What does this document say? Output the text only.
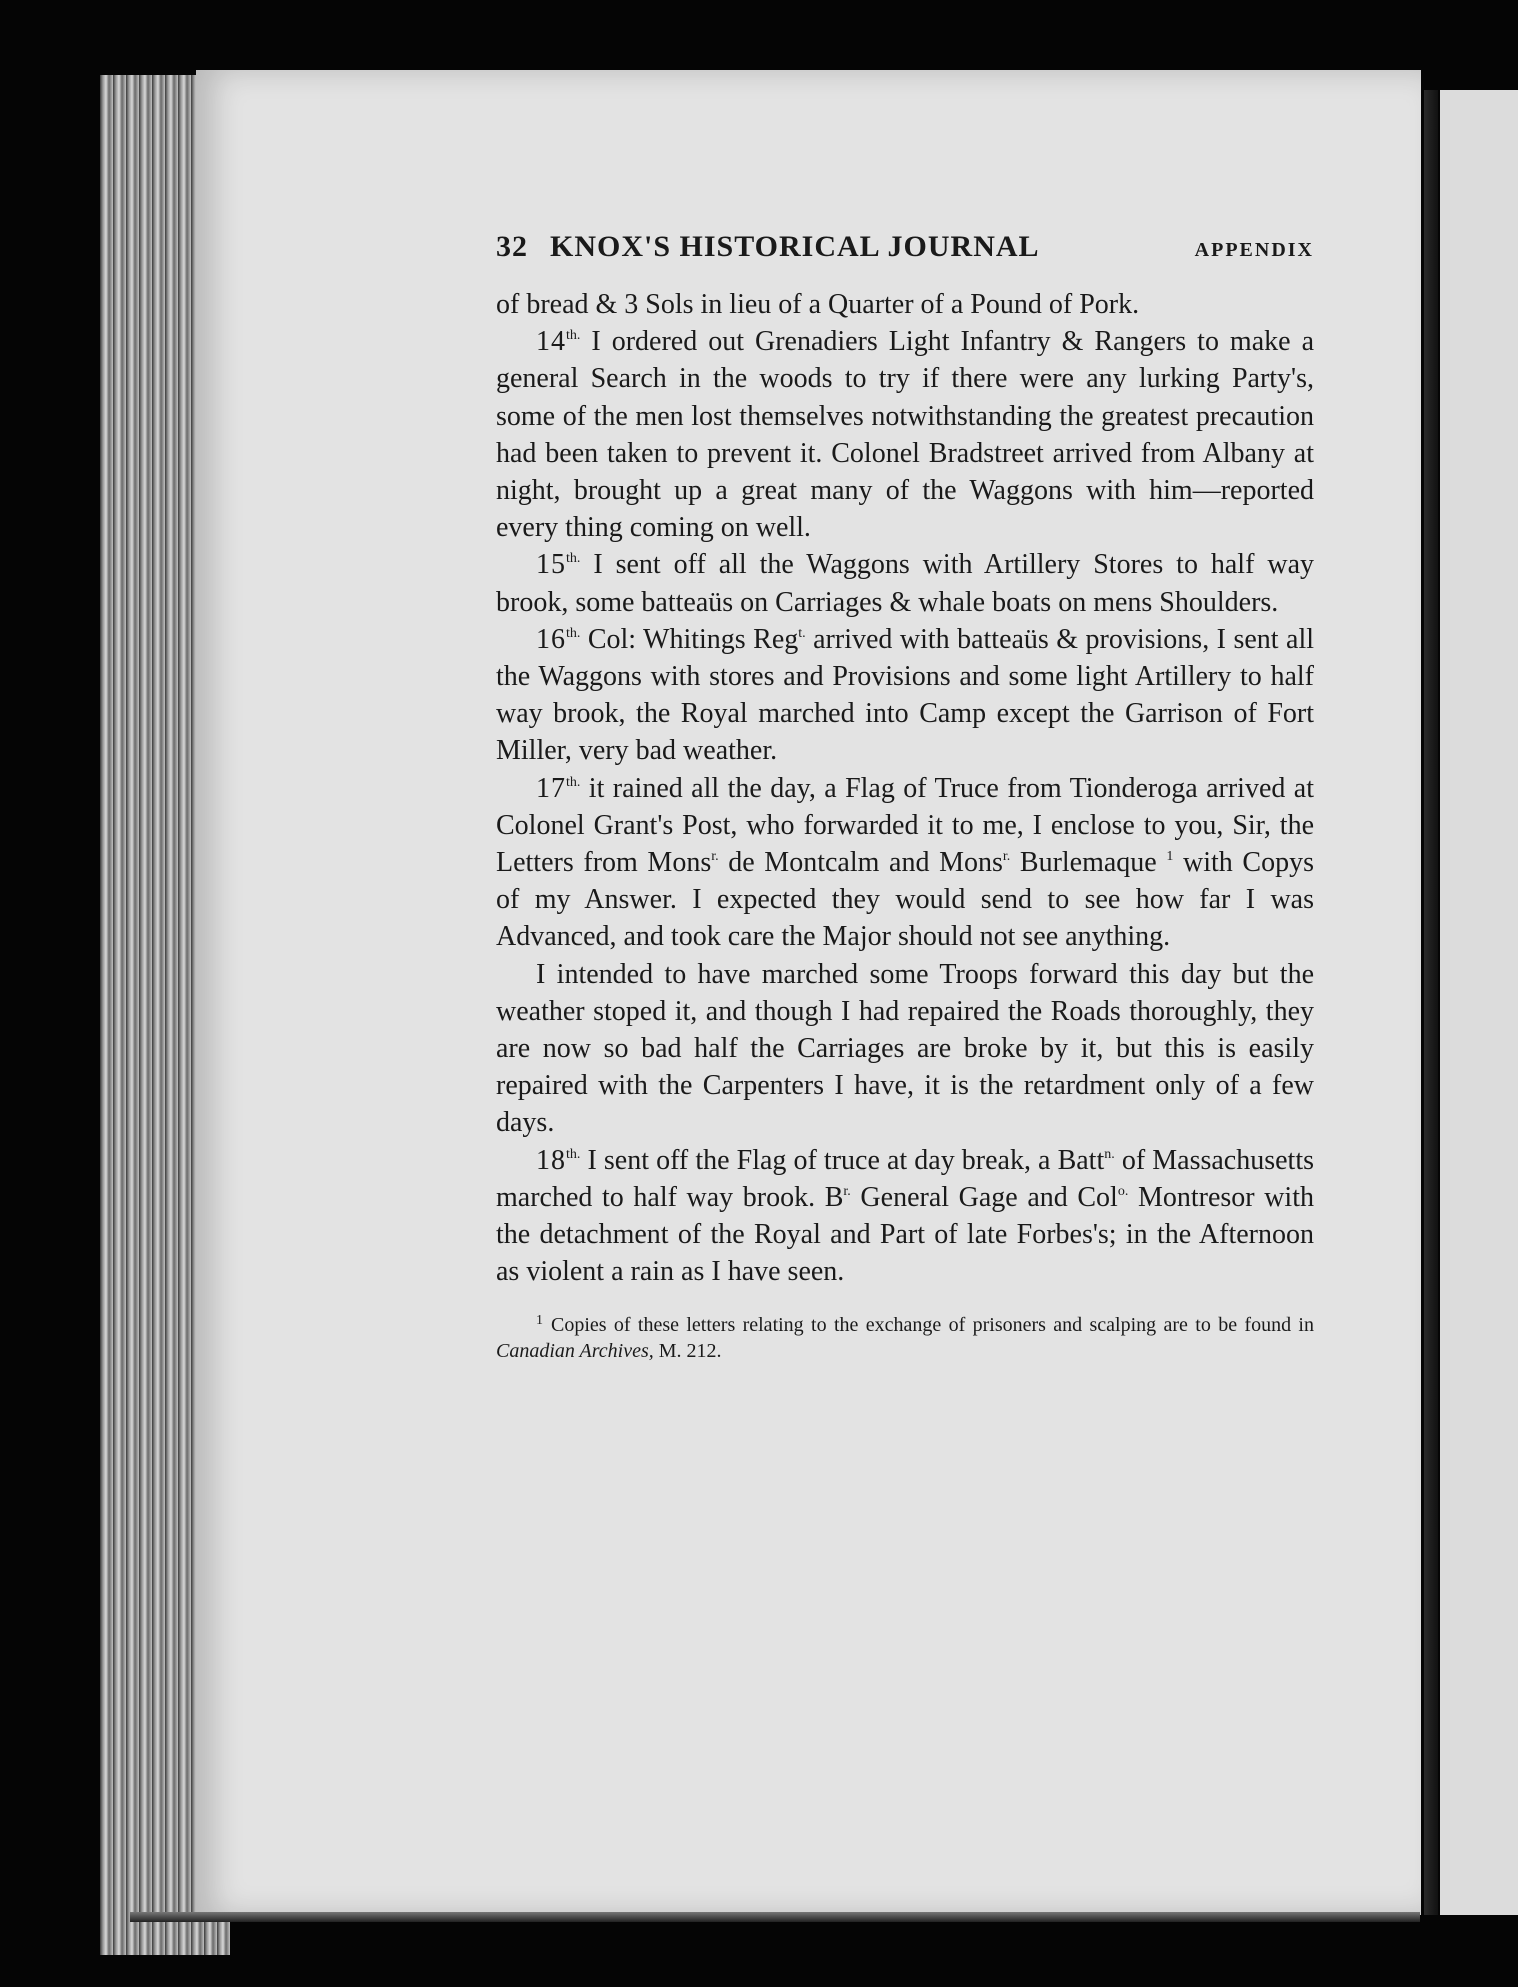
32 KNOX'S HISTORICAL JOURNAL	APPENDIX

of bread & 3 Sols in lieu of a Quarter of a Pound of Pork.

$14^{th.}$ I ordered out Grenadiers Light Infantry & Rangers to make a general Search in the woods to try if there were any lurking Party's, some of the men lost themselves notwithstanding the greatest precaution had been taken to prevent it. Colonel Bradstreet arrived from Albany at night, brought up a great many of the Waggons with him—reported every thing coming on well.

$15^{th.}$ I sent off all the Waggons with Artillery Stores to half way brook, some batteaüs on Carriages & whale boats on mens Shoulders.

$16^{th.}$ Col: Whitings Reg$^{t.}$ arrived with batteaüs & provisions, I sent all the Waggons with stores and Provisions and some light Artillery to half way brook, the Royal marched into Camp except the Garrison of Fort Miller, very bad weather.

$17^{th.}$ it rained all the day, a Flag of Truce from Tionderoga arrived at Colonel Grant's Post, who forwarded it to me, I enclose to you, Sir, the Letters from Mons$^{r.}$ de Montcalm and Mons$^{r.}$ Burlemaque $^1$ with Copys of my Answer. I expected they would send to see how far I was Advanced, and took care the Major should not see anything.

I intended to have marched some Troops forward this day but the weather stoped it, and though I had repaired the Roads thoroughly, they are now so bad half the Carriages are broke by it, but this is easily repaired with the Carpenters I have, it is the retardment only of a few days.

$18^{th.}$ I sent off the Flag of truce at day break, a Batt$^{n.}$ of Massachusetts marched to half way brook. $B^{r.}$ General Gage and Col$^{o.}$ Montresor with the detachment of the Royal and Part of late Forbes's; in the Afternoon as violent a rain as I have seen.

$^1$ Copies of these letters relating to the exchange of prisoners and scalping are to be found in Canadian Archives, M. 212.
